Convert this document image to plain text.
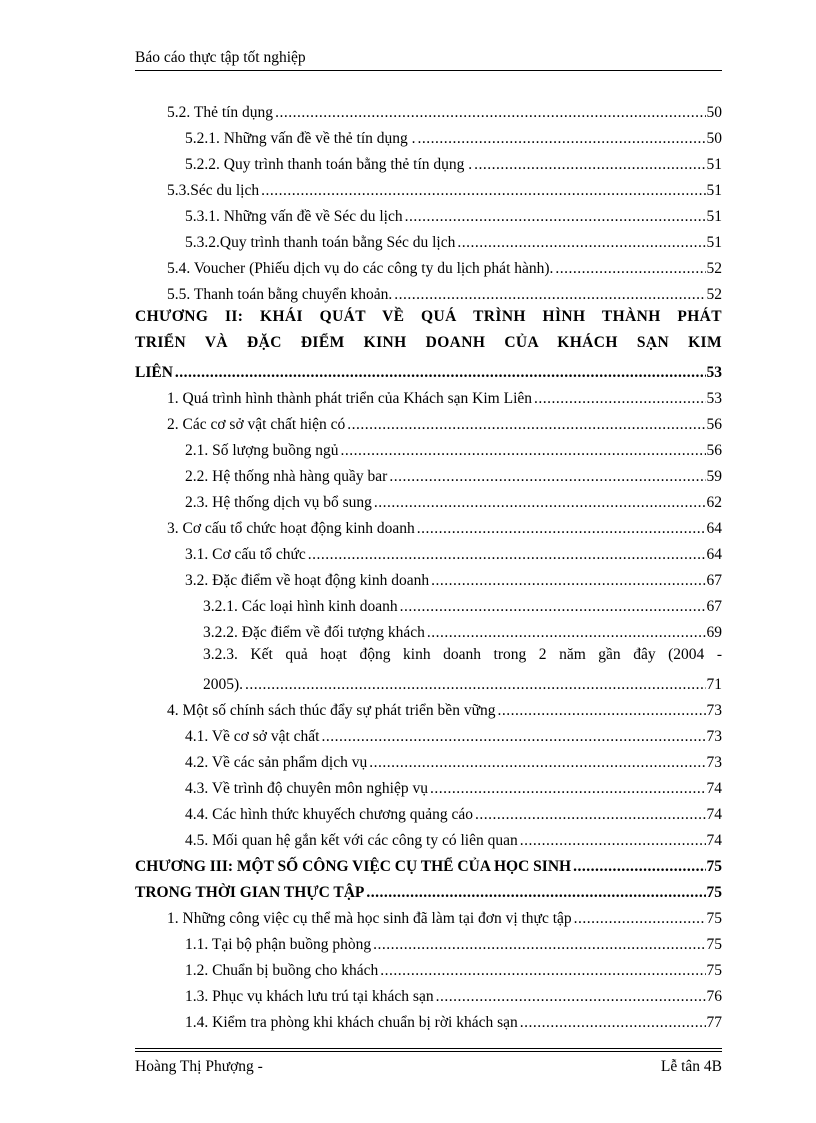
Báo cáo thực tập tốt nghiệp
5.2. Thẻ tín dụng .....	50
5.2.1. Những vấn đề về thẻ tín dụng . .....	50
5.2.2. Quy trình thanh toán bằng thẻ tín dụng . .....	51
5.3.Séc du lịch .....	51
5.3.1. Những vấn đề về Séc du lịch .....	51
5.3.2.Quy trình thanh toán bằng Séc du lịch .....	51
5.4. Voucher (Phiếu dịch vụ do các công ty du lịch phát hành). .....	52
5.5. Thanh toán bằng chuyển khoản. .....	52
CHƯƠNG II: KHÁI QUÁT VỀ QUÁ TRÌNH HÌNH THÀNH PHÁT
TRIỂN VÀ ĐẶC ĐIỂM KINH DOANH CỦA KHÁCH SẠN KIM
LIÊN .....	53
1. Quá trình hình thành phát triển của Khách sạn Kim Liên .....	53
2. Các cơ sở vật chất hiện có .....	56
2.1. Số lượng buồng ngủ .....	56
2.2. Hệ thống nhà hàng quầy bar .....	59
2.3. Hệ thống dịch vụ bổ sung .....	62
3. Cơ cấu tổ chức hoạt động kinh doanh .....	64
3.1. Cơ cấu tổ chức .....	64
3.2. Đặc điểm về hoạt động kinh doanh .....	67
3.2.1. Các loại hình kinh doanh .....	67
3.2.2. Đặc điểm về đối tượng khách .....	69
3.2.3. Kết quả hoạt động kinh doanh trong 2 năm gần đây (2004 -
2005). .....	71
4. Một số chính sách thúc đẩy sự phát triển bền vững .....	73
4.1. Về cơ sở vật chất .....	73
4.2. Về các sản phẩm dịch vụ .....	73
4.3. Về trình độ chuyên môn nghiệp vụ .....	74
4.4. Các hình thức khuyếch chương quảng cáo .....	74
4.5. Mối quan hệ gắn kết với các công ty có liên quan .....	74
CHƯƠNG III: MỘT SỐ CÔNG VIỆC CỤ THỂ CỦA HỌC SINH .....	75
TRONG THỜI GIAN THỰC TẬP .....	75
1. Những công việc cụ thể mà học sinh đã làm tại đơn vị thực tập .....	75
1.1. Tại bộ phận buồng phòng .....	75
1.2. Chuẩn bị buồng cho khách .....	75
1.3. Phục vụ khách lưu trú tại khách sạn .....	76
1.4. Kiểm tra phòng khi khách chuẩn bị rời khách sạn .....	77
Hoàng Thị Phượng -	Lễ tân 4B
